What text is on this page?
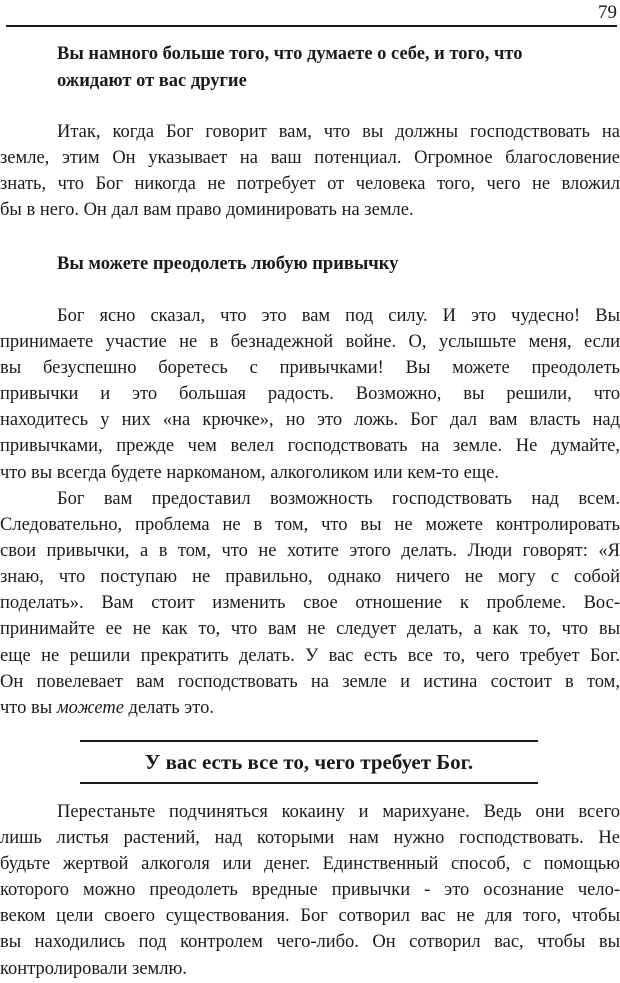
79
Вы намного больше того, что думаете о себе, и того, что
ожидают от вас другие
Итак, когда Бог говорит вам, что вы должны господствовать на
земле, этим Он указывает на ваш потенциал. Огромное благословение
знать, что Бог никогда не потребует от человека того, чего не вложил
бы в него. Он дал вам право доминировать на земле.
Вы можете преодолеть любую привычку
Бог ясно сказал, что это вам под силу. И это чудесно! Вы
принимаете участие не в безнадежной войне. О, услышьте меня, если
вы безуспешно боретесь с привычками! Вы можете преодолеть
привычки и это большая радость. Возможно, вы решили, что
находитесь у них «на крючке», но это ложь. Бог дал вам власть над
привычками, прежде чем велел господствовать на земле. Не думайте,
что вы всегда будете наркоманом, алкоголиком или кем-то еще.
Бог вам предоставил возможность господствовать над всем.
Следовательно, проблема не в том, что вы не можете контролировать
свои привычки, а в том, что не хотите этого делать. Люди говорят: «Я
знаю, что поступаю не правильно, однако ничего не могу с собой
поделать». Вам стоит изменить свое отношение к проблеме. Вос-
принимайте ее не как то, что вам не следует делать, а как то, что вы
еще не решили прекратить делать. У вас есть все то, чего требует Бог.
Он повелевает вам господствовать на земле и истина состоит в том,
что вы можете делать это.
У вас есть все то, чего требует Бог.
Перестаньте подчиняться кокаину и марихуане. Ведь они всего
лишь листья растений, над которыми нам нужно господствовать. Не
будьте жертвой алкоголя или денег. Единственный способ, с помощью
которого можно преодолеть вредные привычки - это осознание чело-
веком цели своего существования. Бог сотворил вас не для того, чтобы
вы находились под контролем чего-либо. Он сотворил вас, чтобы вы
контролировали землю.
